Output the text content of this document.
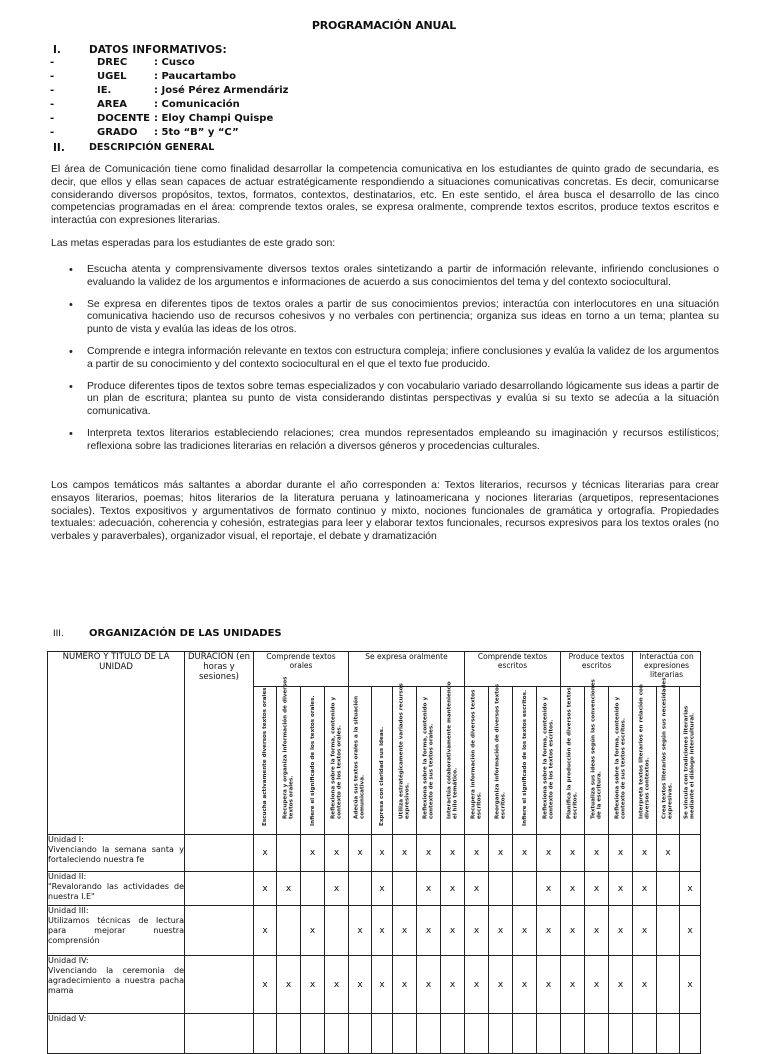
PROGRAMACIÓN ANUAL
I.	DATOS INFORMATIVOS:
-	DREC	: Cusco
-	UGEL	: Paucartambo
-	IE.	: José Pérez Armendáriz
-	AREA	: Comunicación
-	DOCENTE : Eloy Champi Quispe
-	GRADO : 5to “B” y “C”
II.	DESCRIPCIÓN GENERAL
El área de Comunicación tiene como finalidad desarrollar la competencia comunicativa en los estudiantes de quinto grado de secundaria, es decir, que ellos y ellas sean capaces de actuar estratégicamente respondiendo a situaciones comunicativas concretas. Es decir, comunicarse considerando diversos propósitos, textos, formatos, contextos, destinatarios, etc. En este sentido, el área busca el desarrollo de las cinco competencias programadas en el área: comprende textos orales, se expresa oralmente, comprende textos escritos, produce textos escritos e interactúa con expresiones literarias.
Las metas esperadas para los estudiantes de este grado son:
• Escucha atenta y comprensivamente diversos textos orales sintetizando a partir de información relevante, infiriendo conclusiones o evaluando la validez de los argumentos e informaciones de acuerdo a sus conocimientos del tema y del contexto sociocultural.
• Se expresa en diferentes tipos de textos orales a partir de sus conocimientos previos; interactúa con interlocutores en una situación comunicativa haciendo uso de recursos cohesivos y no verbales con pertinencia; organiza sus ideas en torno a un tema; plantea su punto de vista y evalúa las ideas de los otros.
• Comprende e integra información relevante en textos con estructura compleja; infiere conclusiones y evalúa la validez de los argumentos a partir de su conocimiento y del contexto sociocultural en el que el texto fue producido.
• Produce diferentes tipos de textos sobre temas especializados y con vocabulario variado desarrollando lógicamente sus ideas a partir de un plan de escritura; plantea su punto de vista considerando distintas perspectivas y evalúa si su texto se adecúa a la situación comunicativa.
• Interpreta textos literarios estableciendo relaciones; crea mundos representados empleando su imaginación y recursos estilísticos; reflexiona sobre las tradiciones literarias en relación a diversos géneros y procedencias culturales.
Los campos temáticos más saltantes a abordar durante el año corresponden a: Textos literarios, recursos y técnicas literarias para crear ensayos literarios, poemas; hitos literarios de la literatura peruana y latinoamericana y nociones literarias (arquetipos, representaciones sociales). Textos expositivos y argumentativos de formato continuo y mixto, nociones funcionales de gramática y ortografía. Propiedades textuales: adecuación, coherencia y cohesión, estrategias para leer y elaborar textos funcionales, recursos expresivos para los textos orales (no verbales y paraverbales), organizador visual, el reportaje, el debate y dramatización
III.	ORGANIZACIÓN DE LAS UNIDADES
NUMERO Y TITULO DE LA UNIDAD	DURACION (en horas y sesiones)	Comprende textos orales				Se expresa oralmente					Comprende textos escritos				Produce textos escritos			Interactúa con expresiones literarias		

		Escucha activamente diversos textos orales.	Recupera y organiza información de diversos textos orales.	Infiere el significado de los textos orales.	Reflexiona sobre la forma, contenido y contexto de los textos orales.	Adecúa sus textos orales a la situación comunicativa.	Expresa con claridad sus ideas.	Utiliza estratégicamente variados recursos expresivos.	Reflexiona sobre la forma, contenido y contexto de sus textos orales.	Interactúa colaborativamente manteniendo el hilo temático.	Recupera información de diversos textos escritos.	Reorganiza información de diversos textos escritos.	Infiere el significado de los textos escritos.	Reflexiona sobre la forma, contenido y contexto de los textos escritos.	Planifica la producción de diversos textos escritos.	Textualiza sus ideas según las convenciones de la escritura.	Reflexiona sobre la forma, contenido y contexto de sus textos escritos.	Interpreta textos literarios en relación con diversos contextos.	Crea textos literarios según sus necesidades expresivas.	Se vincula con tradiciones literarias mediante el diálogo intercultural.

Unidad I:
Vivenciando la semana santa y fortaleciendo nuestra fe		x		x	x	x	x	x	x	x	x	x	x	x	x	x	x	x	x	

Unidad II:
"Revalorando las actividades de nuestra I.E"		x	x		x		x		x	x	x			x	x	x	x	x		x

Unidad III:
Utilizamos técnicas de lectura para mejorar nuestra comprensión		x		x		x	x	x	x	x	x	x	x	x	x	x	x	x		x

Unidad IV:
Vivenciando la ceremonia de agradecimiento a nuestra pacha mama		x	x	x	x	x	x	x	x	x	x	x	x	x	x	x	x	x		x

Unidad V:																				
